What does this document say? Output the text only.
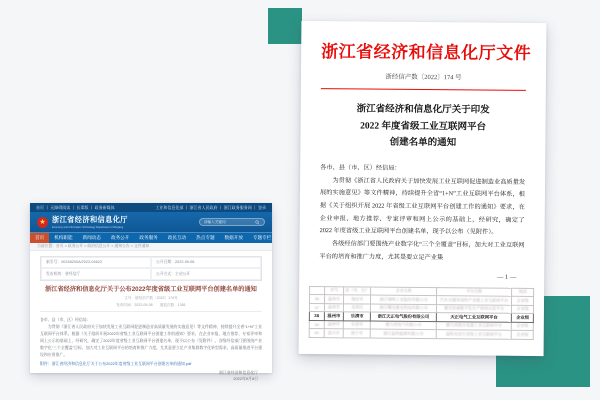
浙江省经济和信息化厅文件
浙经信产数〔2022〕174 号
浙江省经济和信息化厅关于印发
2022 年度省级工业互联网平台
创建名单的通知

各市、县（市、区）经信局：

为贯彻《浙江省人民政府关于加快发展工业互联网促进制造业高质量发展的实施意见》等文件精神，持续提升全省“1+N”工业互联网平台体系，根据《关于组织开展 2022 年省级工业互联网平台创建工作的通知》要求，在企业申报、地方推荐、专家评审和网上公示的基础上，经研究，确定了 2022 年度省级工业互联网平台创建名单，现予以公布（见附件）。

各级经信部门要围绕产业数字化“三个全覆盖”目标，加大对工业互联网平台的培育和推广力度，尤其是要立足产业集

— 1 —
	序号	县（市、区）	企业名称	平台名称	级别
36	温州市	瑞安市	浙江瑞明工业股份有限公司	汽车关键零部件产业链工业互联网平台	企业级
37	温州市	龙湾区	浙江曙光激光科技有限公司	激光装备数字化生产协同示范平台	企业级
38	温州市	乐清市	浙江天正电气股份有限公司	天正电气工业互联网平台	企业级
39	温州市	乐清市	德力西电气有限公司	德力西低压电器工业互联网平台	企业级
40	嘉兴市	海宁市	浙江晶科能源有限公司	晶科光伏行业级工业互联网平台	企业级
首页 丨 无障碍阅读 丨 长辈版 丨 政务新媒体	工业和信息化部 丨 浙江省人民政府 丨 浙江政务服务网 丨 登录
★ 浙江省经济和信息化厅
Economy and Information Technology Department of Zhejiang
请输入关键词
首页	机构职能	新闻动态	政务公开	政务服务	政民互动	热点专题	数据开放	专题专栏
当前位置：首页 > 政务公开 > 政府信息公开 > 通知公告 > 文件通知
索引号：00248200A/2022-04622	公开日期：2022-09-08
发布机构：省经信厅	公开方式：主动公开
浙江省经济和信息化厅关于公布2022年度省级工业互联网平台创建名单的通知
文号：浙经信产数〔2022〕174号
发布时间：2022-09-08　　浏览次数：1381
各市、县（市、区）经信局：

为贯彻《浙江省人民政府关于加快发展工业互联网促进制造业高质量发展的实施意见》等文件精神，持续提升全省“1+N”工业互联网平台体系，根据《关于组织开展2022年省级工业互联网平台创建工作的通知》要求，在企业申报、地方推荐、专家评审和网上公示的基础上，经研究，确定了2022年度省级工业互联网平台创建名单，现予以公布（见附件）。各级经信部门要围绕产业数字化“三个全覆盖”目标，加大对工业互联网平台的培育和推广力度，尤其是要立足产业集群数字化转型需求，高质量推进平台建设和应用推广。

附件：浙江省经济和信息化厅关于公布2022年度省级工业互联网平台创建名单的通知.pdf
浙江省经济和信息化厅
2022年9月8日
